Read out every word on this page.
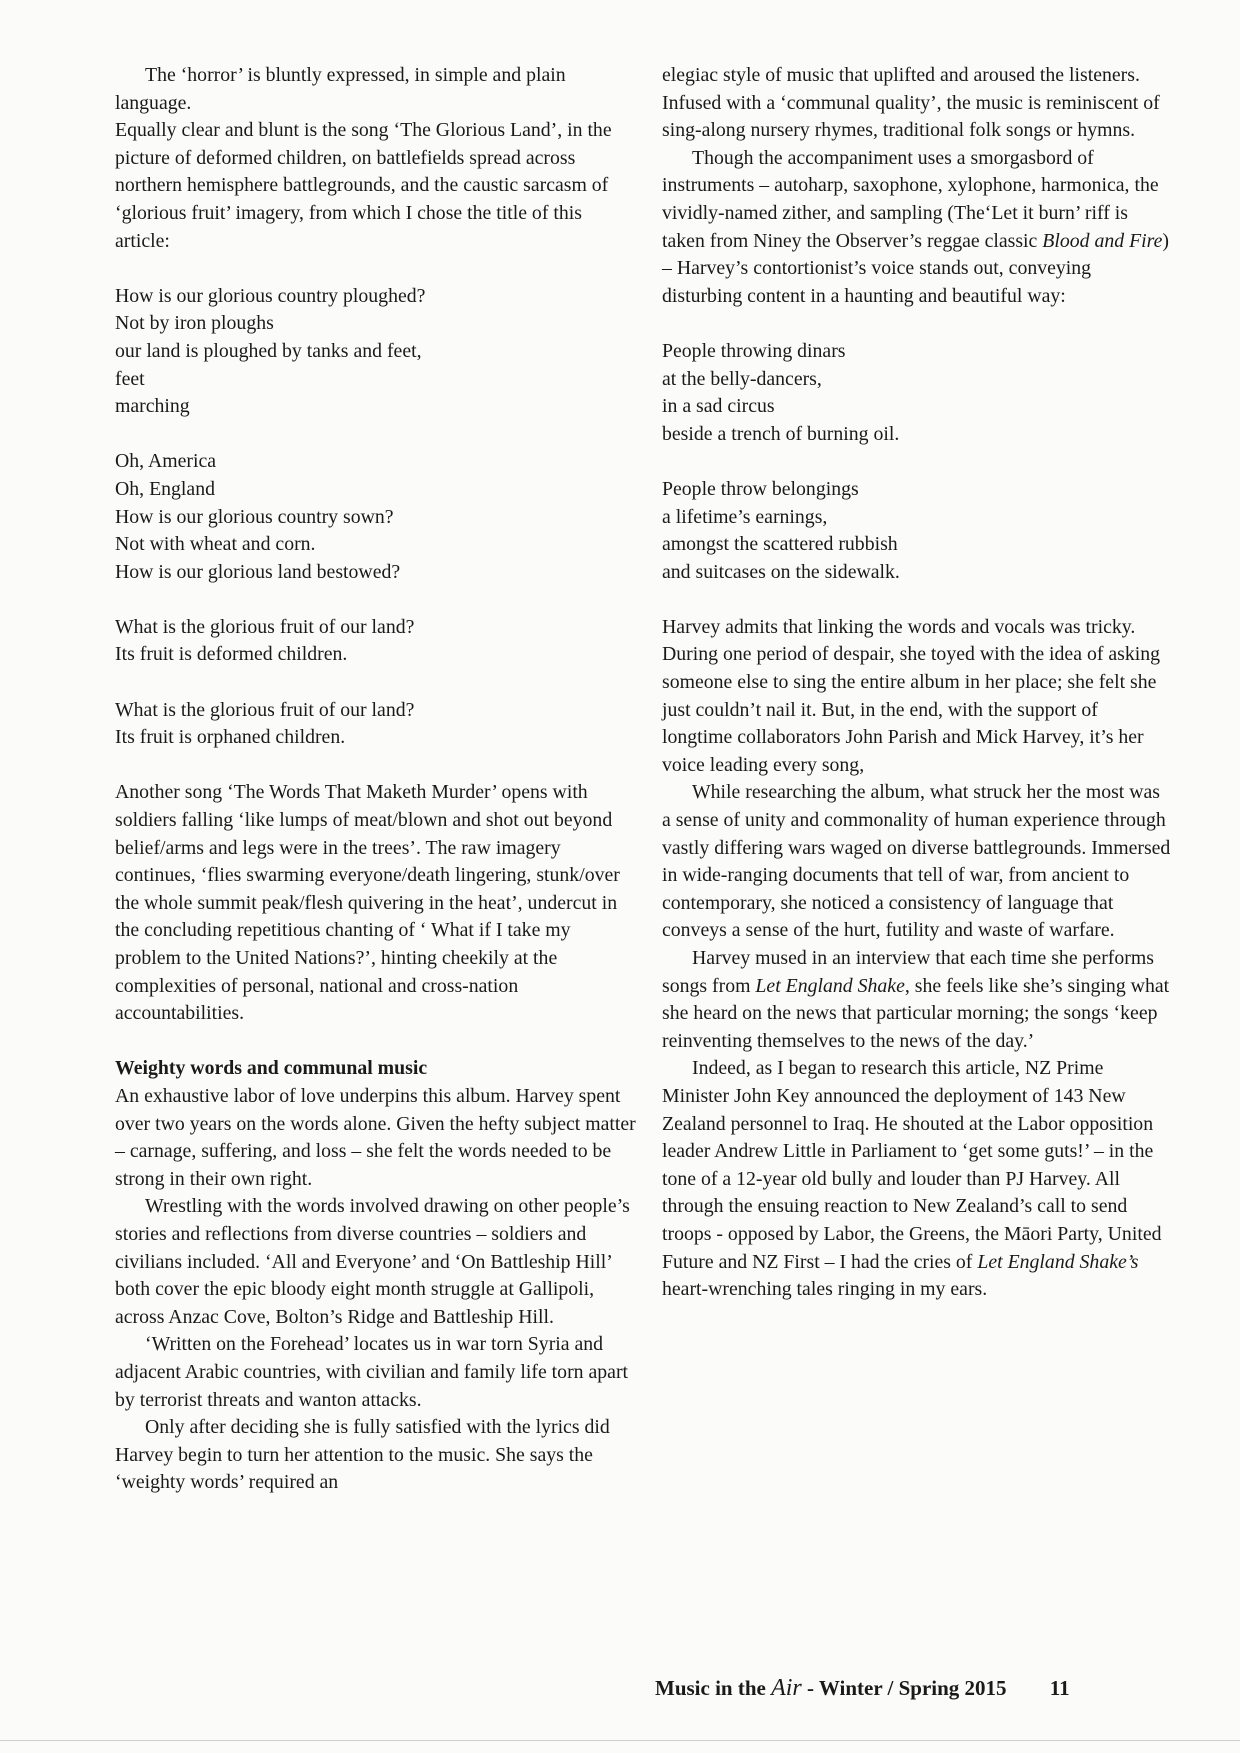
The ‘horror’ is bluntly expressed, in simple and plain language.

Equally clear and blunt is the song ‘The Glorious Land’, in the picture of deformed children, on battlefields spread across northern hemisphere battlegrounds, and the caustic sarcasm of ‘glorious fruit’ imagery, from which I chose the title of this article:

How is our glorious country ploughed?
Not by iron ploughs
our land is ploughed by tanks and feet,
feet
marching
Oh, America
Oh, England
How is our glorious country sown?
Not with wheat and corn.
How is our glorious land bestowed?
What is the glorious fruit of our land?
Its fruit is deformed children.
What is the glorious fruit of our land?
Its fruit is orphaned children.

Another song ‘The Words That Maketh Murder’ opens with soldiers falling ‘like lumps of meat/blown and shot out beyond belief/arms and legs were in the trees’. The raw imagery continues, ‘flies swarming everyone/death lingering, stunk/over the whole summit peak/flesh quivering in the heat’, undercut in the concluding repetitious chanting of ‘ What if I take my problem to the United Nations?’, hinting cheekily at the complexities of personal, national and cross-nation accountabilities.

Weighty words and communal music

An exhaustive labor of love underpins this album. Harvey spent over two years on the words alone. Given the hefty subject matter – carnage, suffering, and loss – she felt the words needed to be strong in their own right.

Wrestling with the words involved drawing on other people’s stories and reflections from diverse countries – soldiers and civilians included. ‘All and Everyone’ and ‘On Battleship Hill’ both cover the epic bloody eight month struggle at Gallipoli, across Anzac Cove, Bolton’s Ridge and Battleship Hill.

‘Written on the Forehead’ locates us in war torn Syria and adjacent Arabic countries, with civilian and family life torn apart by terrorist threats and wanton attacks.

Only after deciding she is fully satisfied with the lyrics did Harvey begin to turn her attention to the music. She says the ‘weighty words’ required an

elegiac style of music that uplifted and aroused the listeners. Infused with a ‘communal quality’, the music is reminiscent of sing-along nursery rhymes, traditional folk songs or hymns.

Though the accompaniment uses a smorgasbord of instruments – autoharp, saxophone, xylophone, harmonica, the vividly-named zither, and sampling (The‘Let it burn’ riff is taken from Niney the Observer’s reggae classic Blood and Fire) – Harvey’s contortionist’s voice stands out, conveying disturbing content in a haunting and beautiful way:

People throwing dinars
at the belly-dancers,
in a sad circus
beside a trench of burning oil.
People throw belongings
a lifetime’s earnings,
amongst the scattered rubbish
and suitcases on the sidewalk.

Harvey admits that linking the words and vocals was tricky. During one period of despair, she toyed with the idea of asking someone else to sing the entire album in her place; she felt she just couldn’t nail it. But, in the end, with the support of longtime collaborators John Parish and Mick Harvey, it’s her voice leading every song,

While researching the album, what struck her the most was a sense of unity and commonality of human experience through vastly differing wars waged on diverse battlegrounds. Immersed in wide-ranging documents that tell of war, from ancient to contemporary, she noticed a consistency of language that conveys a sense of the hurt, futility and waste of warfare.

Harvey mused in an interview that each time she performs songs from Let England Shake, she feels like she’s singing what she heard on the news that particular morning; the songs ‘keep reinventing themselves to the news of the day.’

Indeed, as I began to research this article, NZ Prime Minister John Key announced the deployment of 143 New Zealand personnel to Iraq. He shouted at the Labor opposition leader Andrew Little in Parliament to ‘get some guts!’ – in the tone of a 12-year old bully and louder than PJ Harvey. All through the ensuing reaction to New Zealand’s call to send troops - opposed by Labor, the Greens, the Māori Party, United Future and NZ First – I had the cries of Let England Shake’s heart-wrenching tales ringing in my ears.

Music in the Air - Winter / Spring 2015 11
